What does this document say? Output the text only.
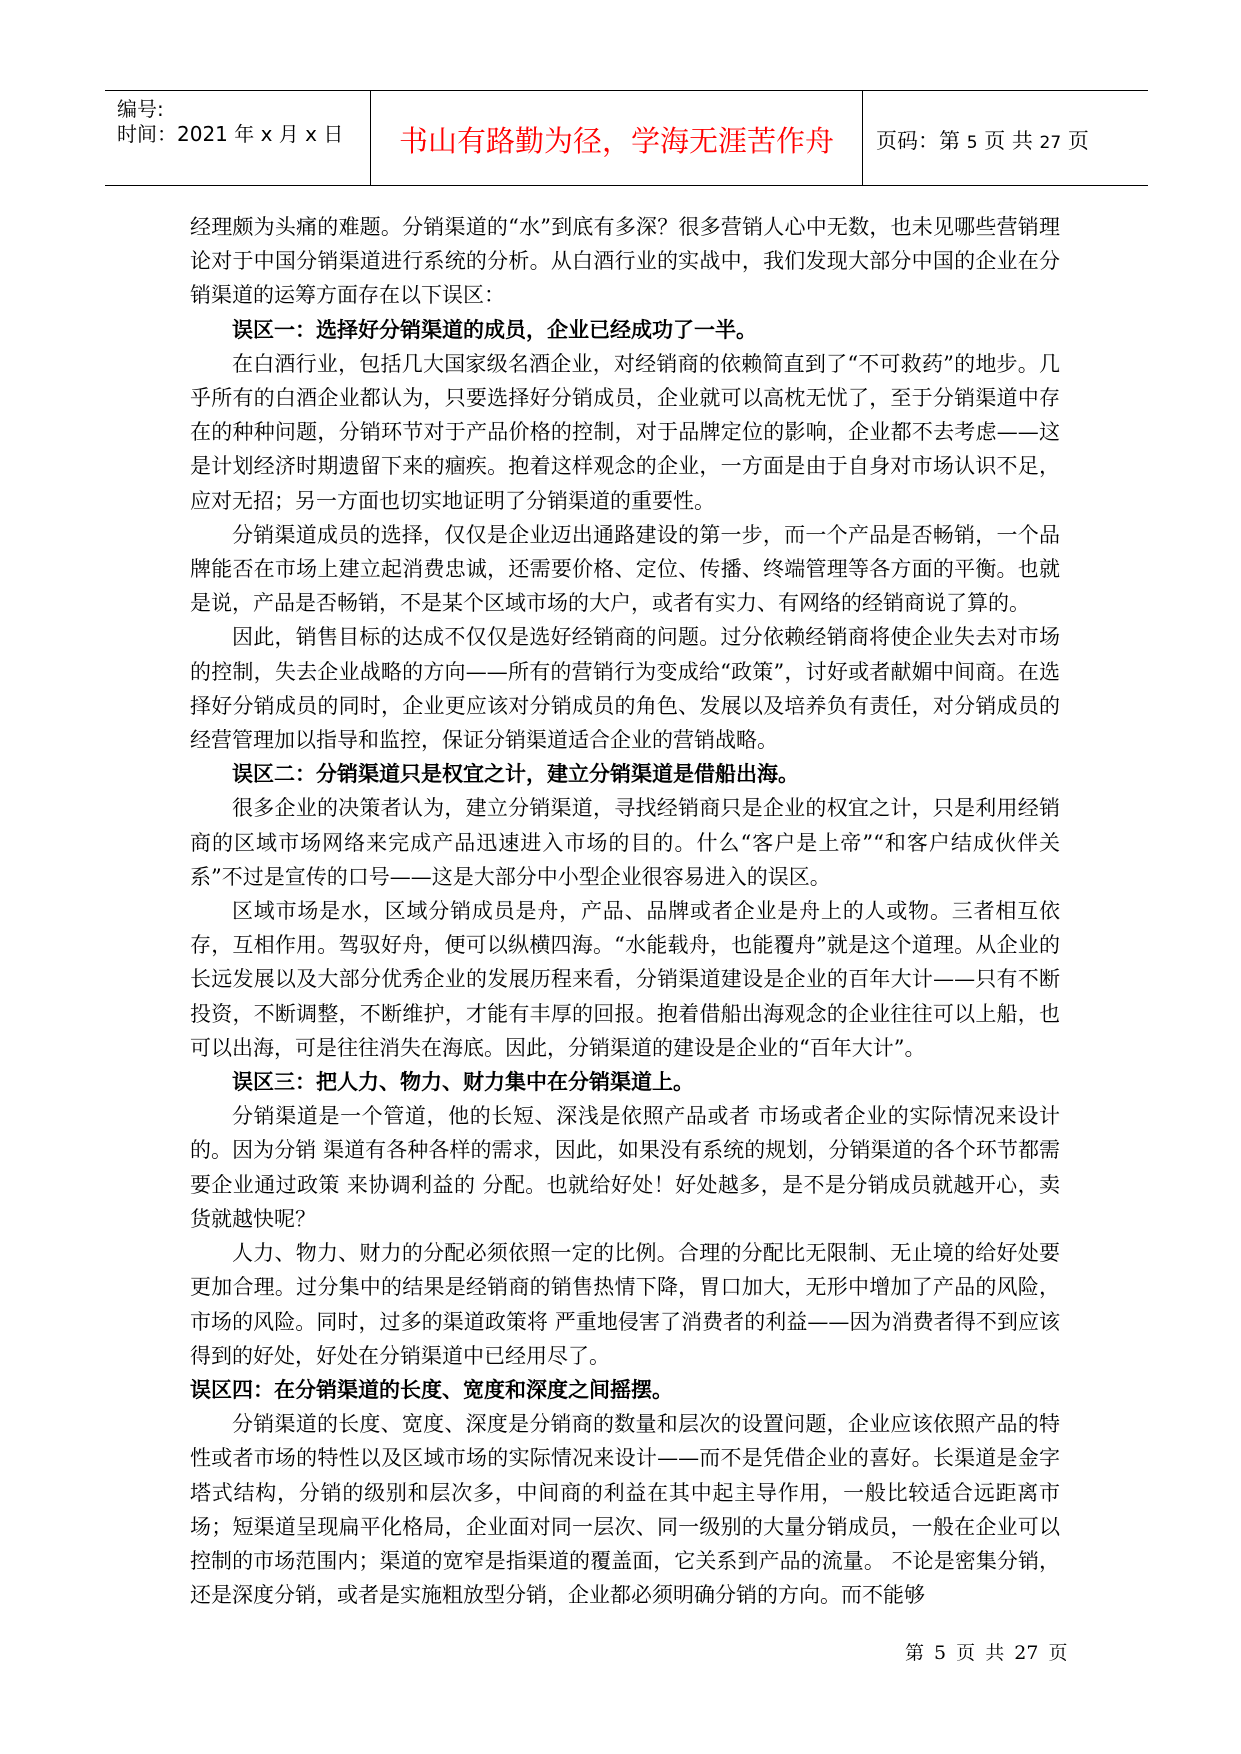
编号:
时间：2021 年 x 月 x 日	书山有路勤为径，学海无涯苦作舟	页码：第 5 页 共 27 页

经理颇为头痛的难题。分销渠道的“水”到底有多深？很多营销人心中无数，也未见哪些营销理论对于中国分销渠道进行系统的分析。从白酒行业的实战中，我们发现大部分中国的企业在分销渠道的运筹方面存在以下误区：

误区一：选择好分销渠道的成员，企业已经成功了一半。

在白酒行业，包括几大国家级名酒企业，对经销商的依赖简直到了“不可救药”的地步。几乎所有的白酒企业都认为，只要选择好分销成员，企业就可以高枕无忧了，至于分销渠道中存在的种种问题，分销环节对于产品价格的控制，对于品牌定位的影响，企业都不去考虑——这是计划经济时期遗留下来的痼疾。抱着这样观念的企业，一方面是由于自身对市场认识不足，应对无招；另一方面也切实地证明了分销渠道的重要性。

分销渠道成员的选择，仅仅是企业迈出通路建设的第一步，而一个产品是否畅销，一个品牌能否在市场上建立起消费忠诚，还需要价格、定位、传播、终端管理等各方面的平衡。也就是说，产品是否畅销，不是某个区域市场的大户，或者有实力、有网络的经销商说了算的。

因此，销售目标的达成不仅仅是选好经销商的问题。过分依赖经销商将使企业失去对市场的控制，失去企业战略的方向——所有的营销行为变成给“政策”，讨好或者献媚中间商。在选择好分销成员的同时，企业更应该对分销成员的角色、发展以及培养负有责任，对分销成员的经营管理加以指导和监控，保证分销渠道适合企业的营销战略。

误区二：分销渠道只是权宜之计，建立分销渠道是借船出海。

很多企业的决策者认为，建立分销渠道，寻找经销商只是企业的权宜之计，只是利用经销商的区域市场网络来完成产品迅速进入市场的目的。什么“客户是上帝”“和客户结成伙伴关系”不过是宣传的口号——这是大部分中小型企业很容易进入的误区。

区域市场是水，区域分销成员是舟，产品、品牌或者企业是舟上的人或物。三者相互依存，互相作用。驾驭好舟，便可以纵横四海。“水能载舟，也能覆舟”就是这个道理。从企业的长远发展以及大部分优秀企业的发展历程来看，分销渠道建设是企业的百年大计——只有不断投资，不断调整，不断维护，才能有丰厚的回报。抱着借船出海观念的企业往往可以上船，也可以出海，可是往往消失在海底。因此，分销渠道的建设是企业的“百年大计”。

误区三：把人力、物力、财力集中在分销渠道上。

分销渠道是一个管道，他的长短、深浅是依照产品或者 市场或者企业的实际情况来设计的。因为分销 渠道有各种各样的需求，因此，如果没有系统的规划，分销渠道的各个环节都需要企业通过政策 来协调利益的 分配。也就给好处！好处越多，是不是分销成员就越开心，卖货就越快呢？

人力、物力、财力的分配必须依照一定的比例。合理的分配比无限制、无止境的给好处要更加合理。过分集中的结果是经销商的销售热情下降，胃口加大，无形中增加了产品的风险，市场的风险。同时，过多的渠道政策将 严重地侵害了消费者的利益——因为消费者得不到应该得到的好处，好处在分销渠道中已经用尽了。

误区四：在分销渠道的长度、宽度和深度之间摇摆。

分销渠道的长度、宽度、深度是分销商的数量和层次的设置问题，企业应该依照产品的特性或者市场的特性以及区域市场的实际情况来设计——而不是凭借企业的喜好。长渠道是金字塔式结构，分销的级别和层次多，中间商的利益在其中起主导作用，一般比较适合远距离市场；短渠道呈现扁平化格局，企业面对同一层次、同一级别的大量分销成员，一般在企业可以控制的市场范围内；渠道的宽窄是指渠道的覆盖面，它关系到产品的流量。 不论是密集分销，还是深度分销，或者是实施粗放型分销，企业都必须明确分销的方向。而不能够

第 5 页 共 27 页
